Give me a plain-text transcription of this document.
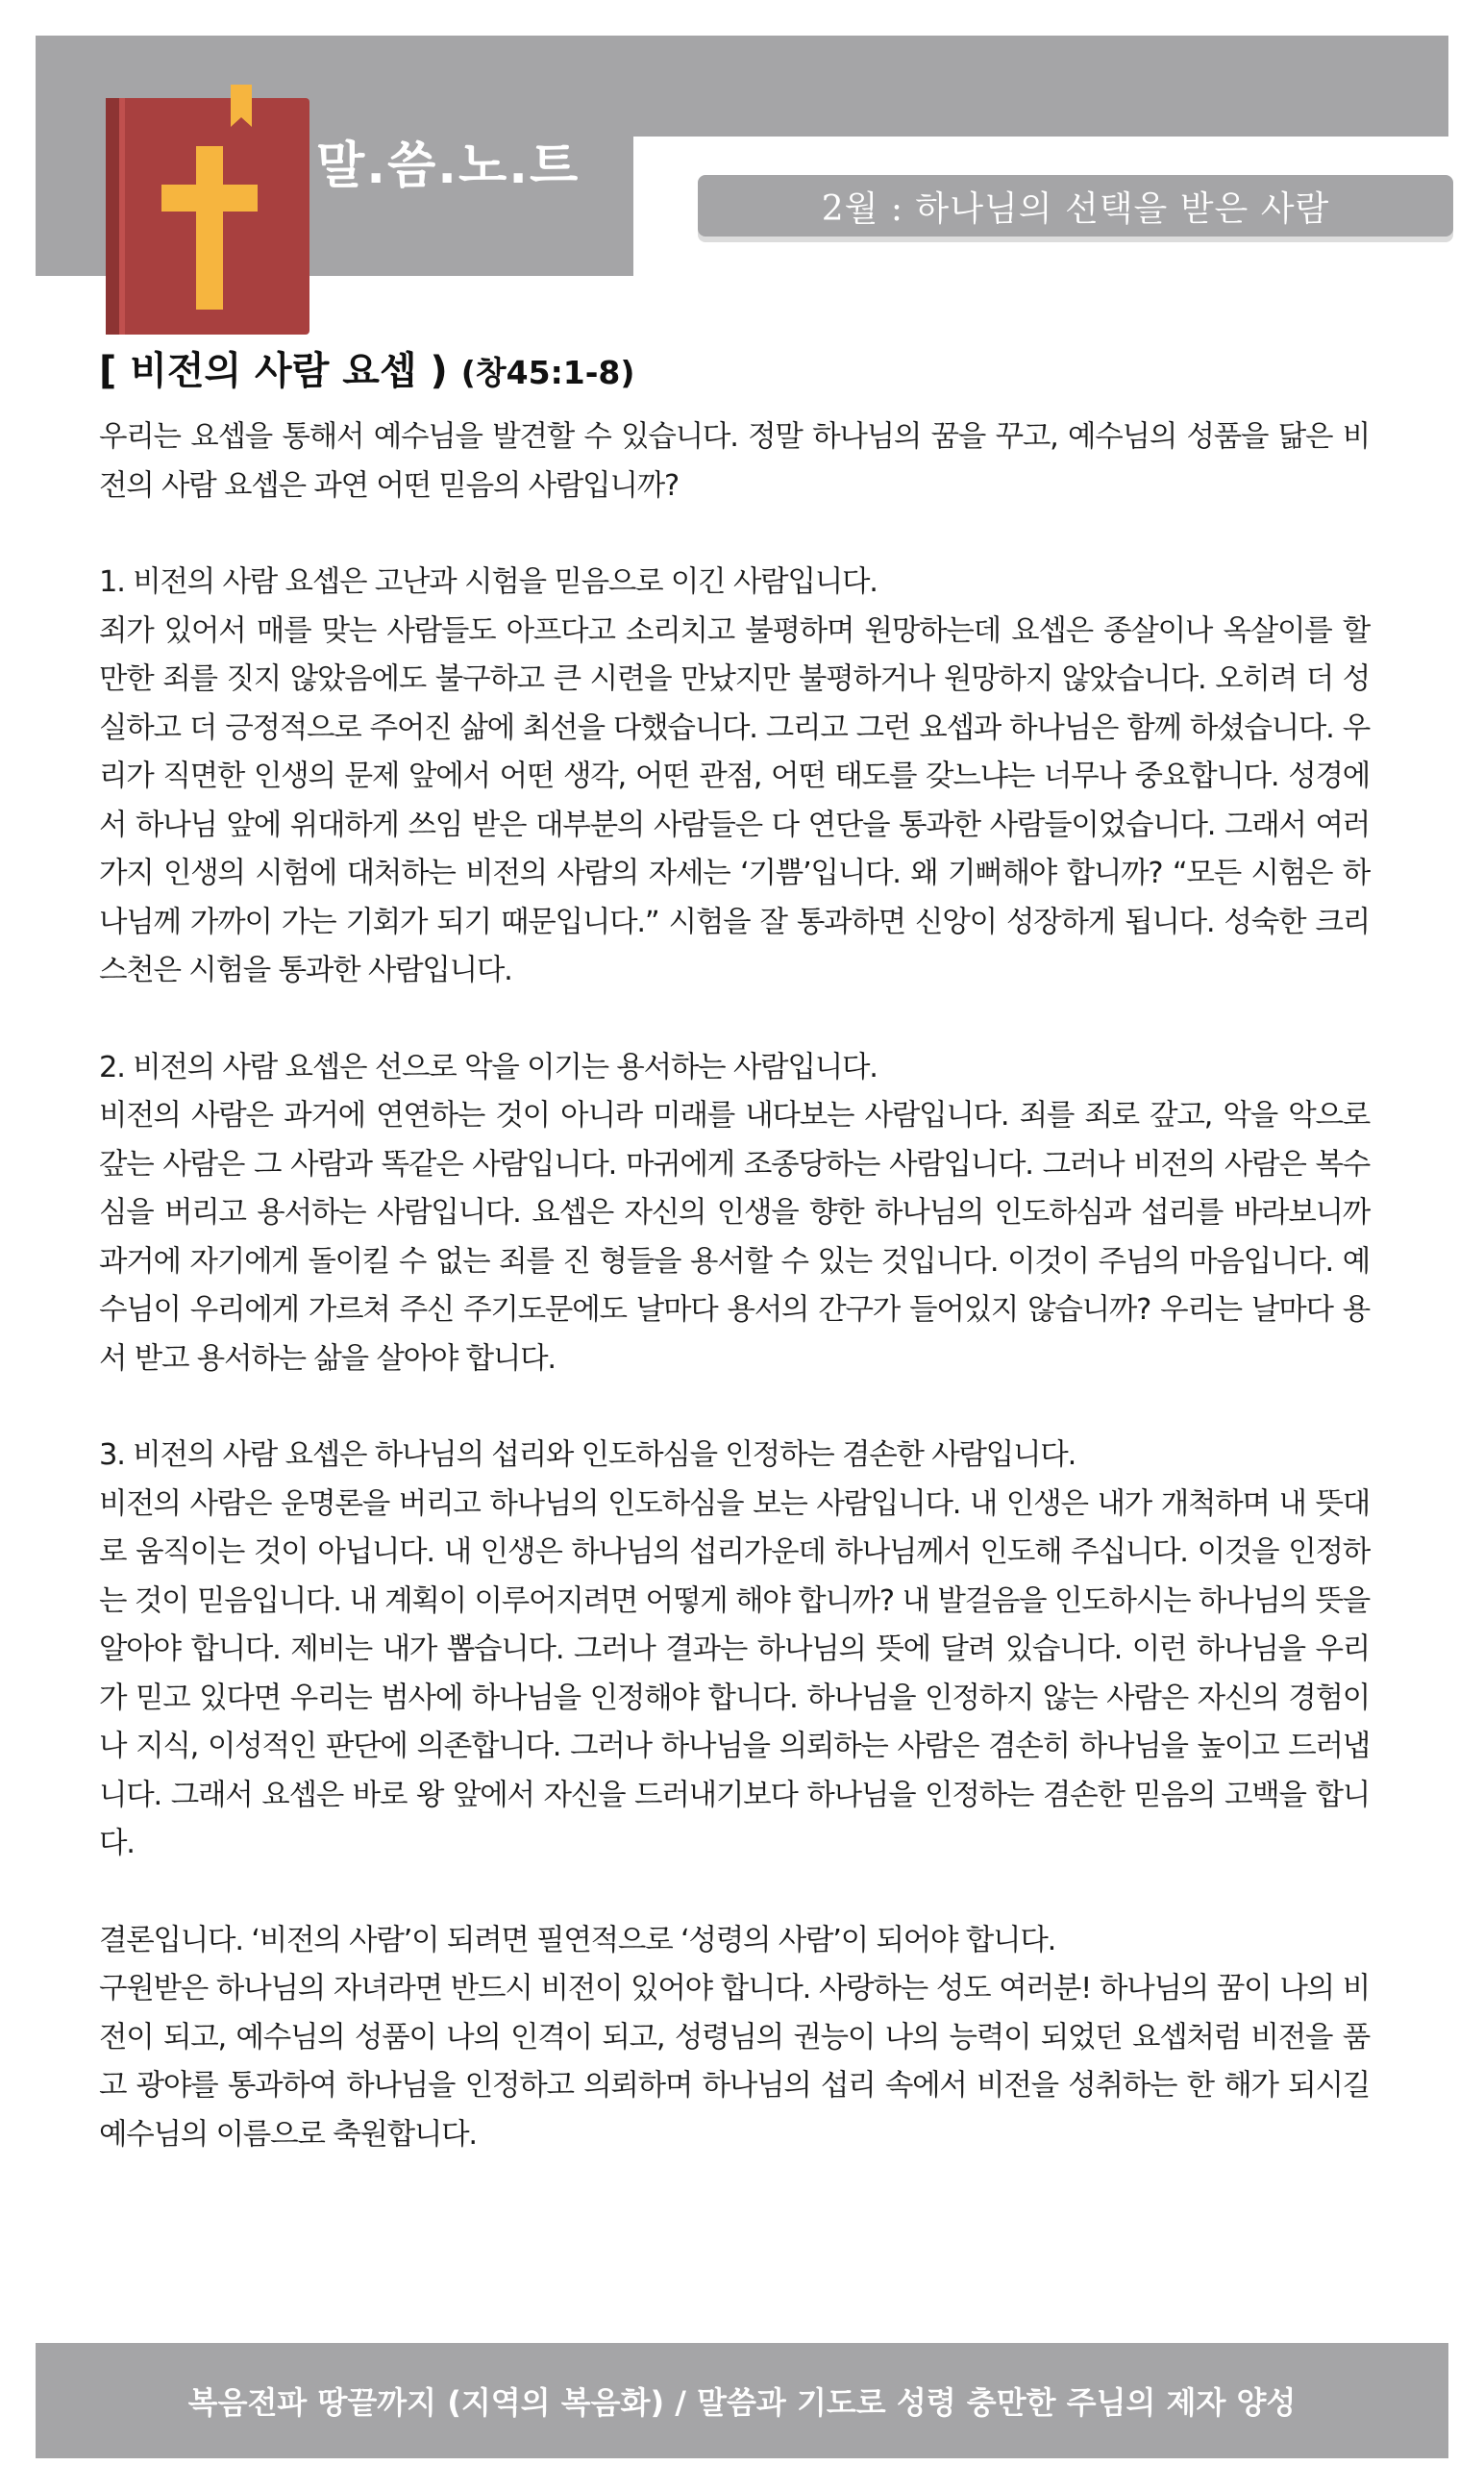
말.씀.노.트
2월 : 하나님의 선택을 받은 사람
[ 비전의 사람 요셉 ) (창45:1-8)

우리는 요셉을 통해서 예수님을 발견할 수 있습니다. 정말 하나님의 꿈을 꾸고, 예수님의 성품을 닮은 비전의 사람 요셉은 과연 어떤 믿음의 사람입니까?

1. 비전의 사람 요셉은 고난과 시험을 믿음으로 이긴 사람입니다.

죄가 있어서 매를 맞는 사람들도 아프다고 소리치고 불평하며 원망하는데 요셉은 종살이나 옥살이를 할 만한 죄를 짓지 않았음에도 불구하고 큰 시련을 만났지만 불평하거나 원망하지 않았습니다. 오히려 더 성실하고 더 긍정적으로 주어진 삶에 최선을 다했습니다. 그리고 그런 요셉과 하나님은 함께 하셨습니다. 우리가 직면한 인생의 문제 앞에서 어떤 생각, 어떤 관점, 어떤 태도를 갖느냐는 너무나 중요합니다. 성경에서 하나님 앞에 위대하게 쓰임 받은 대부분의 사람들은 다 연단을 통과한 사람들이었습니다. 그래서 여러 가지 인생의 시험에 대처하는 비전의 사람의 자세는 ‘기쁨’입니다. 왜 기뻐해야 합니까? “모든 시험은 하나님께 가까이 가는 기회가 되기 때문입니다.” 시험을 잘 통과하면 신앙이 성장하게 됩니다. 성숙한 크리스천은 시험을 통과한 사람입니다.

2. 비전의 사람 요셉은 선으로 악을 이기는 용서하는 사람입니다.

비전의 사람은 과거에 연연하는 것이 아니라 미래를 내다보는 사람입니다. 죄를 죄로 갚고, 악을 악으로 갚는 사람은 그 사람과 똑같은 사람입니다. 마귀에게 조종당하는 사람입니다. 그러나 비전의 사람은 복수심을 버리고 용서하는 사람입니다. 요셉은 자신의 인생을 향한 하나님의 인도하심과 섭리를 바라보니까 과거에 자기에게 돌이킬 수 없는 죄를 진 형들을 용서할 수 있는 것입니다. 이것이 주님의 마음입니다. 예수님이 우리에게 가르쳐 주신 주기도문에도 날마다 용서의 간구가 들어있지 않습니까? 우리는 날마다 용서 받고 용서하는 삶을 살아야 합니다.

3. 비전의 사람 요셉은 하나님의 섭리와 인도하심을 인정하는 겸손한 사람입니다.

비전의 사람은 운명론을 버리고 하나님의 인도하심을 보는 사람입니다. 내 인생은 내가 개척하며 내 뜻대로 움직이는 것이 아닙니다. 내 인생은 하나님의 섭리가운데 하나님께서 인도해 주십니다. 이것을 인정하는 것이 믿음입니다. 내 계획이 이루어지려면 어떻게 해야 합니까? 내 발걸음을 인도하시는 하나님의 뜻을 알아야 합니다. 제비는 내가 뽑습니다. 그러나 결과는 하나님의 뜻에 달려 있습니다. 이런 하나님을 우리가 믿고 있다면 우리는 범사에 하나님을 인정해야 합니다. 하나님을 인정하지 않는 사람은 자신의 경험이나 지식, 이성적인 판단에 의존합니다. 그러나 하나님을 의뢰하는 사람은 겸손히 하나님을 높이고 드러냅니다. 그래서 요셉은 바로 왕 앞에서 자신을 드러내기보다 하나님을 인정하는 겸손한 믿음의 고백을 합니다.

결론입니다. ‘비전의 사람’이 되려면 필연적으로 ‘성령의 사람’이 되어야 합니다.

구원받은 하나님의 자녀라면 반드시 비전이 있어야 합니다. 사랑하는 성도 여러분! 하나님의 꿈이 나의 비전이 되고, 예수님의 성품이 나의 인격이 되고, 성령님의 권능이 나의 능력이 되었던 요셉처럼 비전을 품고 광야를 통과하여 하나님을 인정하고 의뢰하며 하나님의 섭리 속에서 비전을 성취하는 한 해가 되시길 예수님의 이름으로 축원합니다.

복음전파 땅끝까지 (지역의 복음화) / 말씀과 기도로 성령 충만한 주님의 제자 양성
